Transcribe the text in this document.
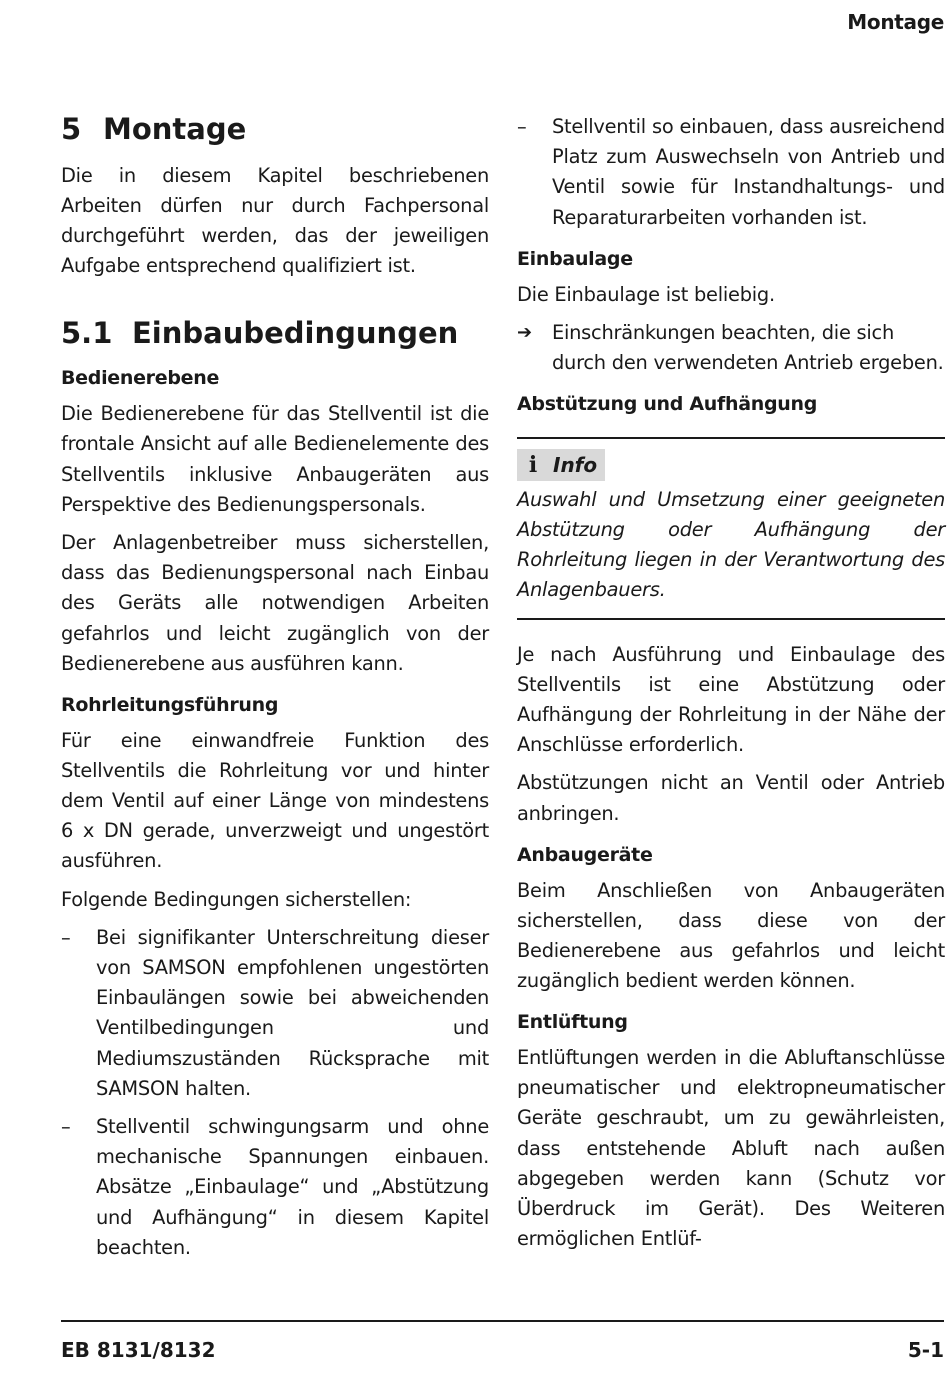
Montage
5 Montage

Die in diesem Kapitel beschriebenen Arbeiten dürfen nur durch Fachpersonal durchgeführt werden, das der jeweiligen Aufgabe entsprechend qualifiziert ist.

5.1 Einbaubedingungen
Bedienerebene

Die Bedienerebene für das Stellventil ist die frontale Ansicht auf alle Bedienelemente des Stellventils inklusive Anbaugeräten aus Perspektive des Bedienungspersonals.

Der Anlagenbetreiber muss sicherstellen, dass das Bedienungspersonal nach Einbau des Geräts alle notwendigen Arbeiten gefahrlos und leicht zugänglich von der Bedienerebene aus ausführen kann.

Rohrleitungsführung

Für eine einwandfreie Funktion des Stellventils die Rohrleitung vor und hinter dem Ventil auf einer Länge von mindestens 6 x DN gerade, unverzweigt und ungestört ausführen.

Folgende Bedingungen sicherstellen:

– Bei signifikanter Unterschreitung dieser von SAMSON empfohlenen ungestörten Einbaulängen sowie bei abweichenden Ventilbedingungen und Mediumszuständen Rücksprache mit SAMSON halten.
– Stellventil schwingungsarm und ohne mechanische Spannungen einbauen. Absätze „Einbaulage“ und „Abstützung und Aufhängung“ in diesem Kapitel beachten.
– Stellventil so einbauen, dass ausreichend Platz zum Auswechseln von Antrieb und Ventil sowie für Instandhaltungs- und Reparaturarbeiten vorhanden ist.
Einbaulage

Die Einbaulage ist beliebig.

➔ Einschränkungen beachten, die sich durch den verwendeten Antrieb ergeben.
Abstützung und Aufhängung
i Info

Auswahl und Umsetzung einer geeigneten Abstützung oder Aufhängung der Rohrleitung liegen in der Verantwortung des Anlagenbauers.

Je nach Ausführung und Einbaulage des Stellventils ist eine Abstützung oder Aufhängung der Rohrleitung in der Nähe der Anschlüsse erforderlich.

Abstützungen nicht an Ventil oder Antrieb anbringen.

Anbaugeräte

Beim Anschließen von Anbaugeräten sicherstellen, dass diese von der Bedienerebene aus gefahrlos und leicht zugänglich bedient werden können.

Entlüftung

Entlüftungen werden in die Abluftanschlüsse pneumatischer und elektropneumatischer Geräte geschraubt, um zu gewährleisten, dass entstehende Abluft nach außen abgegeben werden kann (Schutz vor Überdruck im Gerät). Des Weiteren ermöglichen Entlüf-

EB 8131/8132	5-1
